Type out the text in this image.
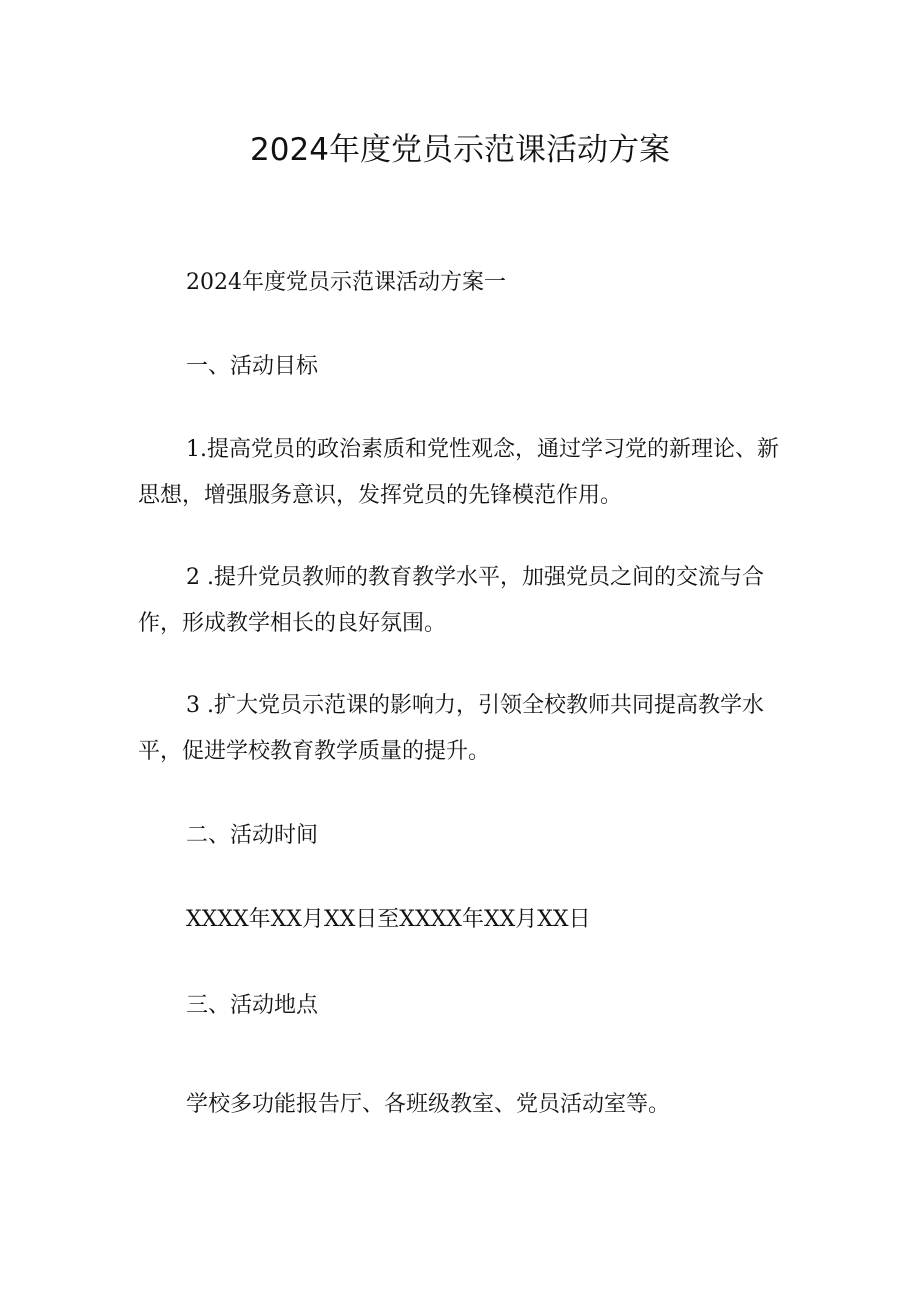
2024年度党员示范课活动方案

2024年度党员示范课活动方案一

一、活动目标

1.提高党员的政治素质和党性观念，通过学习党的新理论、新思想，增强服务意识，发挥党员的先锋模范作用。

2 .提升党员教师的教育教学水平，加强党员之间的交流与合作，形成教学相长的良好氛围。

3 .扩大党员示范课的影响力，引领全校教师共同提高教学水平，促进学校教育教学质量的提升。

二、活动时间

XXXX年XX月XX日至XXXX年XX月XX日

三、活动地点

学校多功能报告厅、各班级教室、党员活动室等。
